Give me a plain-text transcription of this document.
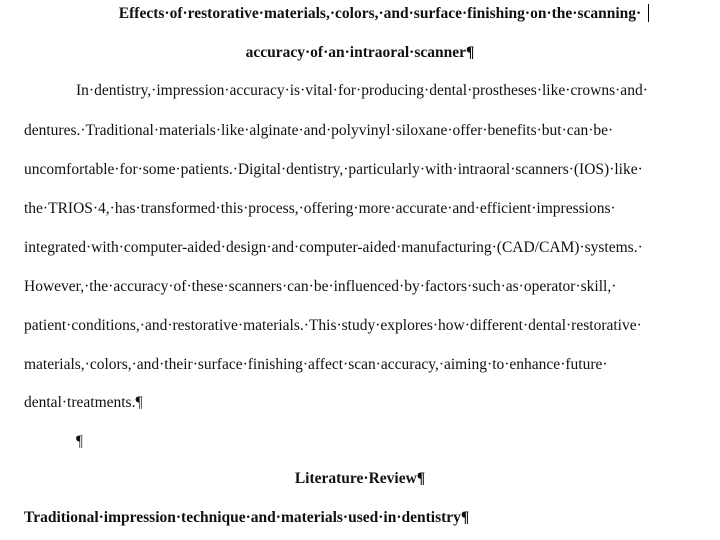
Effects·of·restorative·materials,·colors,·and·surface·finishing·on·the·scanning·
accuracy·of·an·intraoral·scanner¶
In·dentistry,·impression·accuracy·is·vital·for·producing·dental·prostheses·like·crowns·and·
dentures.·Traditional·materials·like·alginate·and·polyvinyl·siloxane·offer·benefits·but·can·be·
uncomfortable·for·some·patients.·Digital·dentistry,·particularly·with·intraoral·scanners·(IOS)·like·
the·TRIOS·4,·has·transformed·this·process,·offering·more·accurate·and·efficient·impressions·
integrated·with·computer-aided·design·and·computer-aided·manufacturing·(CAD/CAM)·systems.·
However,·the·accuracy·of·these·scanners·can·be·influenced·by·factors·such·as·operator·skill,·
patient·conditions,·and·restorative·materials.·This·study·explores·how·different·dental·restorative·
materials,·colors,·and·their·surface·finishing·affect·scan·accuracy,·aiming·to·enhance·future·
dental·treatments.¶
¶
Literature·Review¶
Traditional·impression·technique·and·materials·used·in·dentistry¶
